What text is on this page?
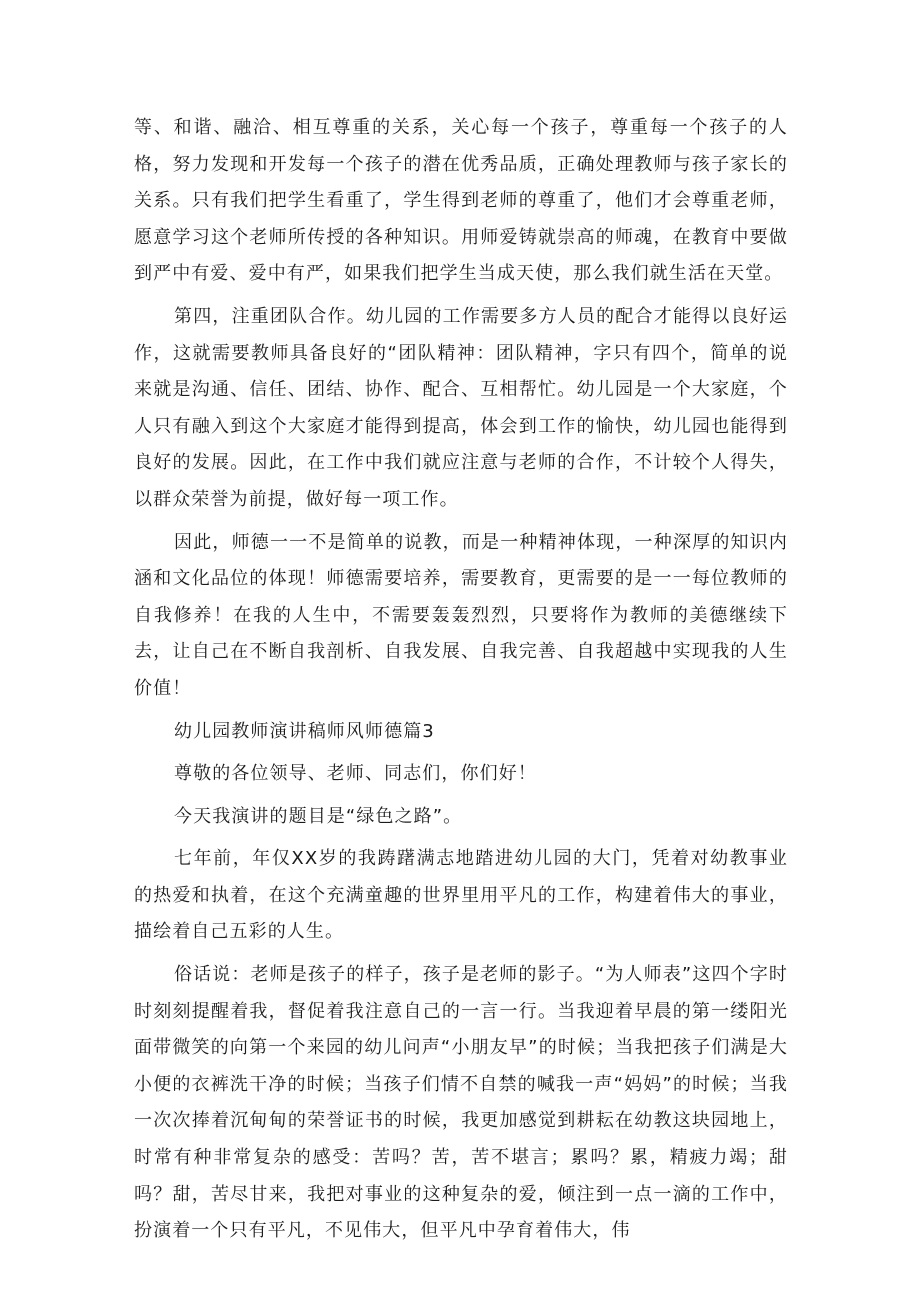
等、和谐、融洽、相互尊重的关系，关心每一个孩子，尊重每一个孩子的人格，努力发现和开发每一个孩子的潜在优秀品质，正确处理教师与孩子家长的关系。只有我们把学生看重了，学生得到老师的尊重了，他们才会尊重老师，愿意学习这个老师所传授的各种知识。用师爱铸就崇高的师魂，在教育中要做到严中有爱、爱中有严，如果我们把学生当成天使，那么我们就生活在天堂。

第四，注重团队合作。幼儿园的工作需要多方人员的配合才能得以良好运作，这就需要教师具备良好的“团队精神：团队精神，字只有四个，简单的说来就是沟通、信任、团结、协作、配合、互相帮忙。幼儿园是一个大家庭，个人只有融入到这个大家庭才能得到提高，体会到工作的愉快，幼儿园也能得到良好的发展。因此，在工作中我们就应注意与老师的合作，不计较个人得失，以群众荣誉为前提，做好每一项工作。

因此，师德一一不是简单的说教，而是一种精神体现，一种深厚的知识内涵和文化品位的体现！师德需要培养，需要教育，更需要的是一一每位教师的自我修养！在我的人生中，不需要轰轰烈烈，只要将作为教师的美德继续下去，让自己在不断自我剖析、自我发展、自我完善、自我超越中实现我的人生价值！

幼儿园教师演讲稿师风师德篇3

尊敬的各位领导、老师、同志们，你们好！

今天我演讲的题目是“绿色之路”。

七年前，年仅XX岁的我踌躇满志地踏进幼儿园的大门，凭着对幼教事业的热爱和执着，在这个充满童趣的世界里用平凡的工作，构建着伟大的事业，描绘着自己五彩的人生。

俗话说：老师是孩子的样子，孩子是老师的影子。“为人师表”这四个字时时刻刻提醒着我，督促着我注意自己的一言一行。当我迎着早晨的第一缕阳光面带微笑的向第一个来园的幼儿问声“小朋友早”的时候；当我把孩子们满是大小便的衣裤洗干净的时候；当孩子们情不自禁的喊我一声“妈妈”的时候；当我一次次捧着沉甸甸的荣誉证书的时候，我更加感觉到耕耘在幼教这块园地上，时常有种非常复杂的感受：苦吗？苦，苦不堪言；累吗？累，精疲力竭；甜吗？甜，苦尽甘来，我把对事业的这种复杂的爱，倾注到一点一滴的工作中，扮演着一个只有平凡，不见伟大，但平凡中孕育着伟大，伟
